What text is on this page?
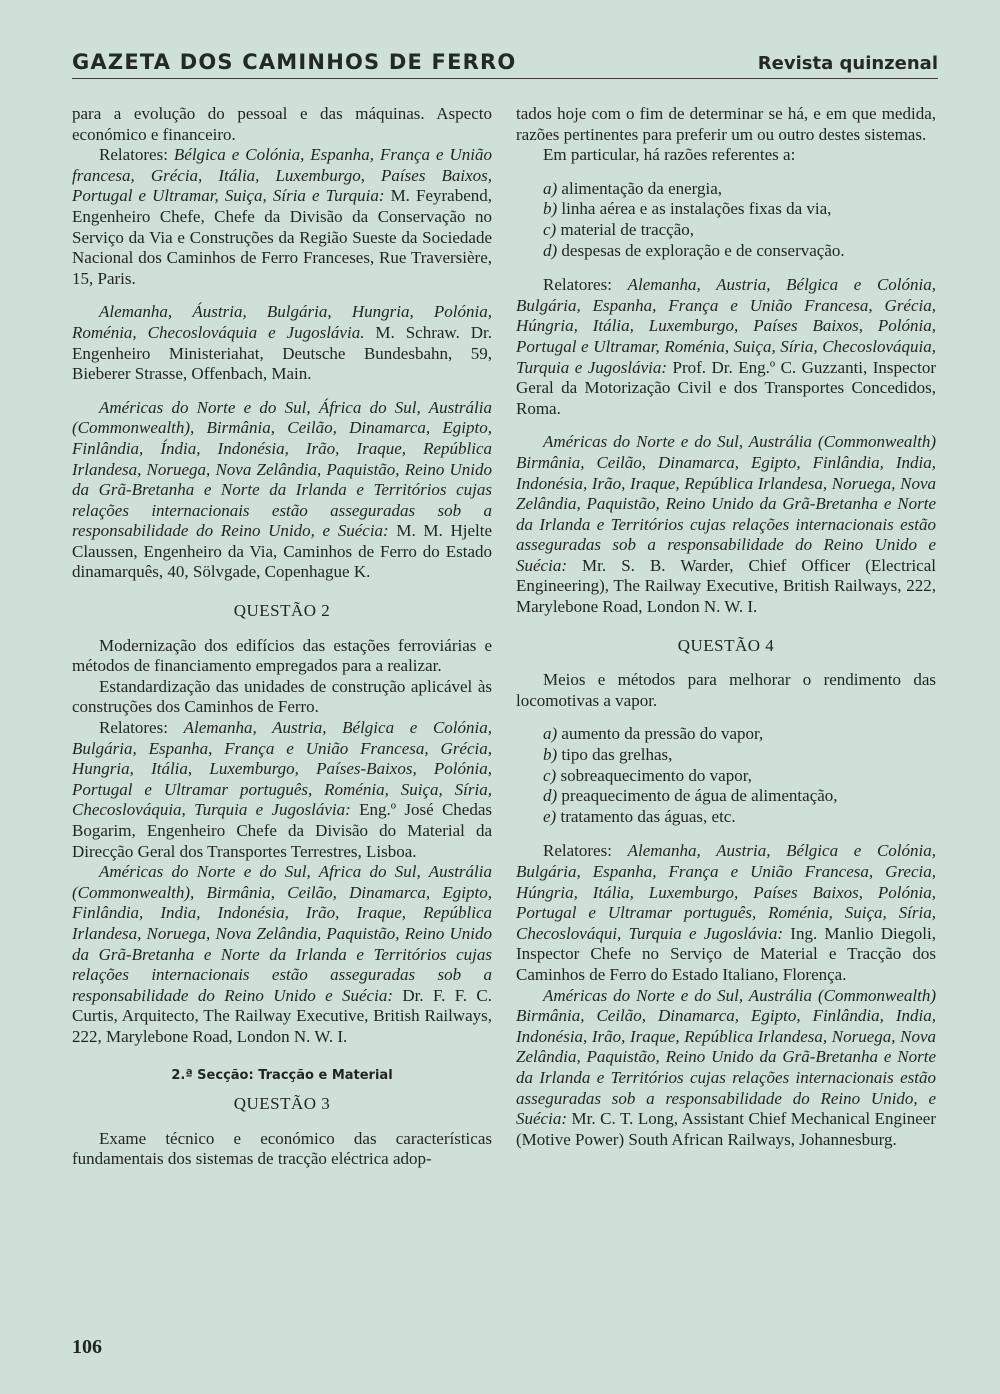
GAZETA DOS CAMINHOS DE FERRO	Revista quinzenal

para a evolução do pessoal e das máquinas. Aspecto económico e financeiro.

Relatores: Bélgica e Colónia, Espanha, França e União francesa, Grécia, Itália, Luxemburgo, Países Baixos, Portugal e Ultramar, Suiça, Síria e Turquia: M. Feyrabend, Engenheiro Chefe, Chefe da Divisão da Conservação no Serviço da Via e Construções da Região Sueste da Sociedade Nacional dos Caminhos de Ferro Franceses, Rue Traversière, 15, Paris.

Alemanha, Áustria, Bulgária, Hungria, Polónia, Roménia, Checoslováquia e Jugoslávia. M. Schraw. Dr. Engenheiro Ministeriahat, Deutsche Bundesbahn, 59, Bieberer Strasse, Offenbach, Main.

Américas do Norte e do Sul, África do Sul, Austrália (Commonwealth), Birmânia, Ceilão, Dinamarca, Egipto, Finlândia, Índia, Indonésia, Irão, Iraque, República Irlandesa, Noruega, Nova Zelândia, Paquistão, Reino Unido da Grã-Bretanha e Norte da Irlanda e Territórios cujas relações internacionais estão asseguradas sob a responsabilidade do Reino Unido, e Suécia: M. M. Hjelte Claussen, Engenheiro da Via, Caminhos de Ferro do Estado dinamarquês, 40, Sölvgade, Copenhague K.

QUESTÃO 2

Modernização dos edifícios das estações ferroviárias e métodos de financiamento empregados para a realizar.

Estandardização das unidades de construção aplicável às construções dos Caminhos de Ferro.

Relatores: Alemanha, Austria, Bélgica e Colónia, Bulgária, Espanha, França e União Francesa, Grécia, Hungria, Itália, Luxemburgo, Países-Baixos, Polónia, Portugal e Ultramar português, Roménia, Suiça, Síria, Checoslováquia, Turquia e Jugoslávia: Eng.º José Chedas Bogarim, Engenheiro Chefe da Divisão do Material da Direcção Geral dos Transportes Terrestres, Lisboa.

Américas do Norte e do Sul, Africa do Sul, Austrália (Commonwealth), Birmânia, Ceilão, Dinamarca, Egipto, Finlândia, India, Indonésia, Irão, Iraque, República Irlandesa, Noruega, Nova Zelândia, Paquistão, Reino Unido da Grã-Bretanha e Norte da Irlanda e Territórios cujas relações internacionais estão asseguradas sob a responsabilidade do Reino Unido e Suécia: Dr. F. F. C. Curtis, Arquitecto, The Railway Executive, British Railways, 222, Marylebone Road, London N. W. I.

2.ª Secção: Tracção e Material
QUESTÃO 3

Exame técnico e económico das características fundamentais dos sistemas de tracção eléctrica adop-

tados hoje com o fim de determinar se há, e em que medida, razões pertinentes para preferir um ou outro destes sistemas.

Em particular, há razões referentes a:

a) alimentação da energia,
b) linha aérea e as instalações fixas da via,
c) material de tracção,
d) despesas de exploração e de conservação.

Relatores: Alemanha, Austria, Bélgica e Colónia, Bulgária, Espanha, França e União Francesa, Grécia, Húngria, Itália, Luxemburgo, Países Baixos, Polónia, Portugal e Ultramar, Roménia, Suiça, Síria, Checoslováquia, Turquia e Jugoslávia: Prof. Dr. Eng.º C. Guzzanti, Inspector Geral da Motorização Civil e dos Transportes Concedidos, Roma.

Américas do Norte e do Sul, Austrália (Commonwealth) Birmânia, Ceilão, Dinamarca, Egipto, Finlândia, India, Indonésia, Irão, Iraque, República Irlandesa, Noruega, Nova Zelândia, Paquistão, Reino Unido da Grã-Bretanha e Norte da Irlanda e Territórios cujas relações internacionais estão asseguradas sob a responsabilidade do Reino Unido e Suécia: Mr. S. B. Warder, Chief Officer (Electrical Engineering), The Railway Executive, British Railways, 222, Marylebone Road, London N. W. I.

QUESTÃO 4

Meios e métodos para melhorar o rendimento das locomotivas a vapor.

a) aumento da pressão do vapor,
b) tipo das grelhas,
c) sobreaquecimento do vapor,
d) preaquecimento de água de alimentação,
e) tratamento das águas, etc.

Relatores: Alemanha, Austria, Bélgica e Colónia, Bulgária, Espanha, França e União Francesa, Grecia, Húngria, Itália, Luxemburgo, Países Baixos, Polónia, Portugal e Ultramar português, Roménia, Suiça, Síria, Checoslováqui, Turquia e Jugoslávia: Ing. Manlio Diegoli, Inspector Chefe no Serviço de Material e Tracção dos Caminhos de Ferro do Estado Italiano, Florença.

Américas do Norte e do Sul, Austrália (Commonwealth) Birmânia, Ceilão, Dinamarca, Egipto, Finlândia, India, Indonésia, Irão, Iraque, República Irlandesa, Noruega, Nova Zelândia, Paquistão, Reino Unido da Grã-Bretanha e Norte da Irlanda e Territórios cujas relações internacionais estão asseguradas sob a responsabilidade do Reino Unido, e Suécia: Mr. C. T. Long, Assistant Chief Mechanical Engineer (Motive Power) South African Railways, Johannesburg.

106
